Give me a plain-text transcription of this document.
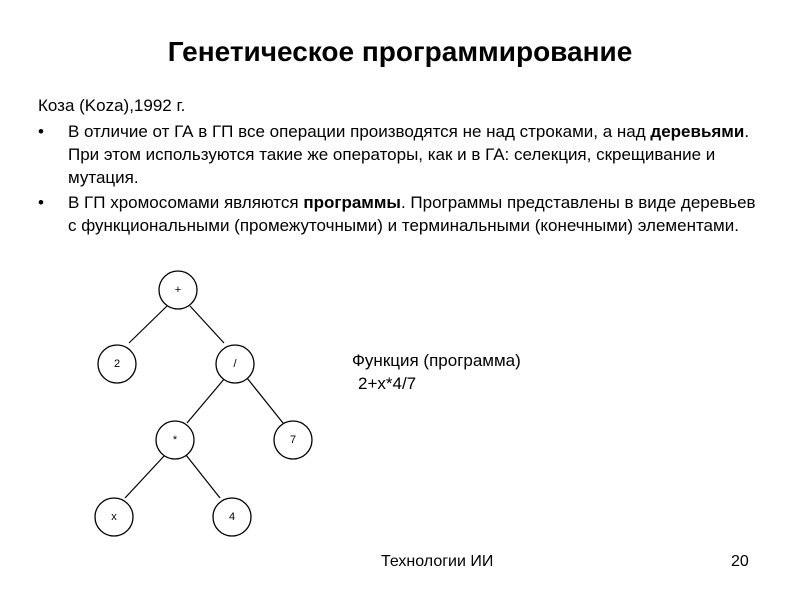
Генетическое программирование

Коза (Koza),1992 г.

• В отличие от ГА в ГП все операции производятся не над строками, а над деревьями. При этом используются такие же операторы, как и в ГА: селекция, скрещивание и мутация.
• В ГП хромосомами являются программы. Программы представлены в виде деревьев с функциональными (промежуточными) и терминальными (конечными) элементами.
+
2	/
*	7
x	4
Функция (программа)
2+x*4/7
Технологии ИИ	20
